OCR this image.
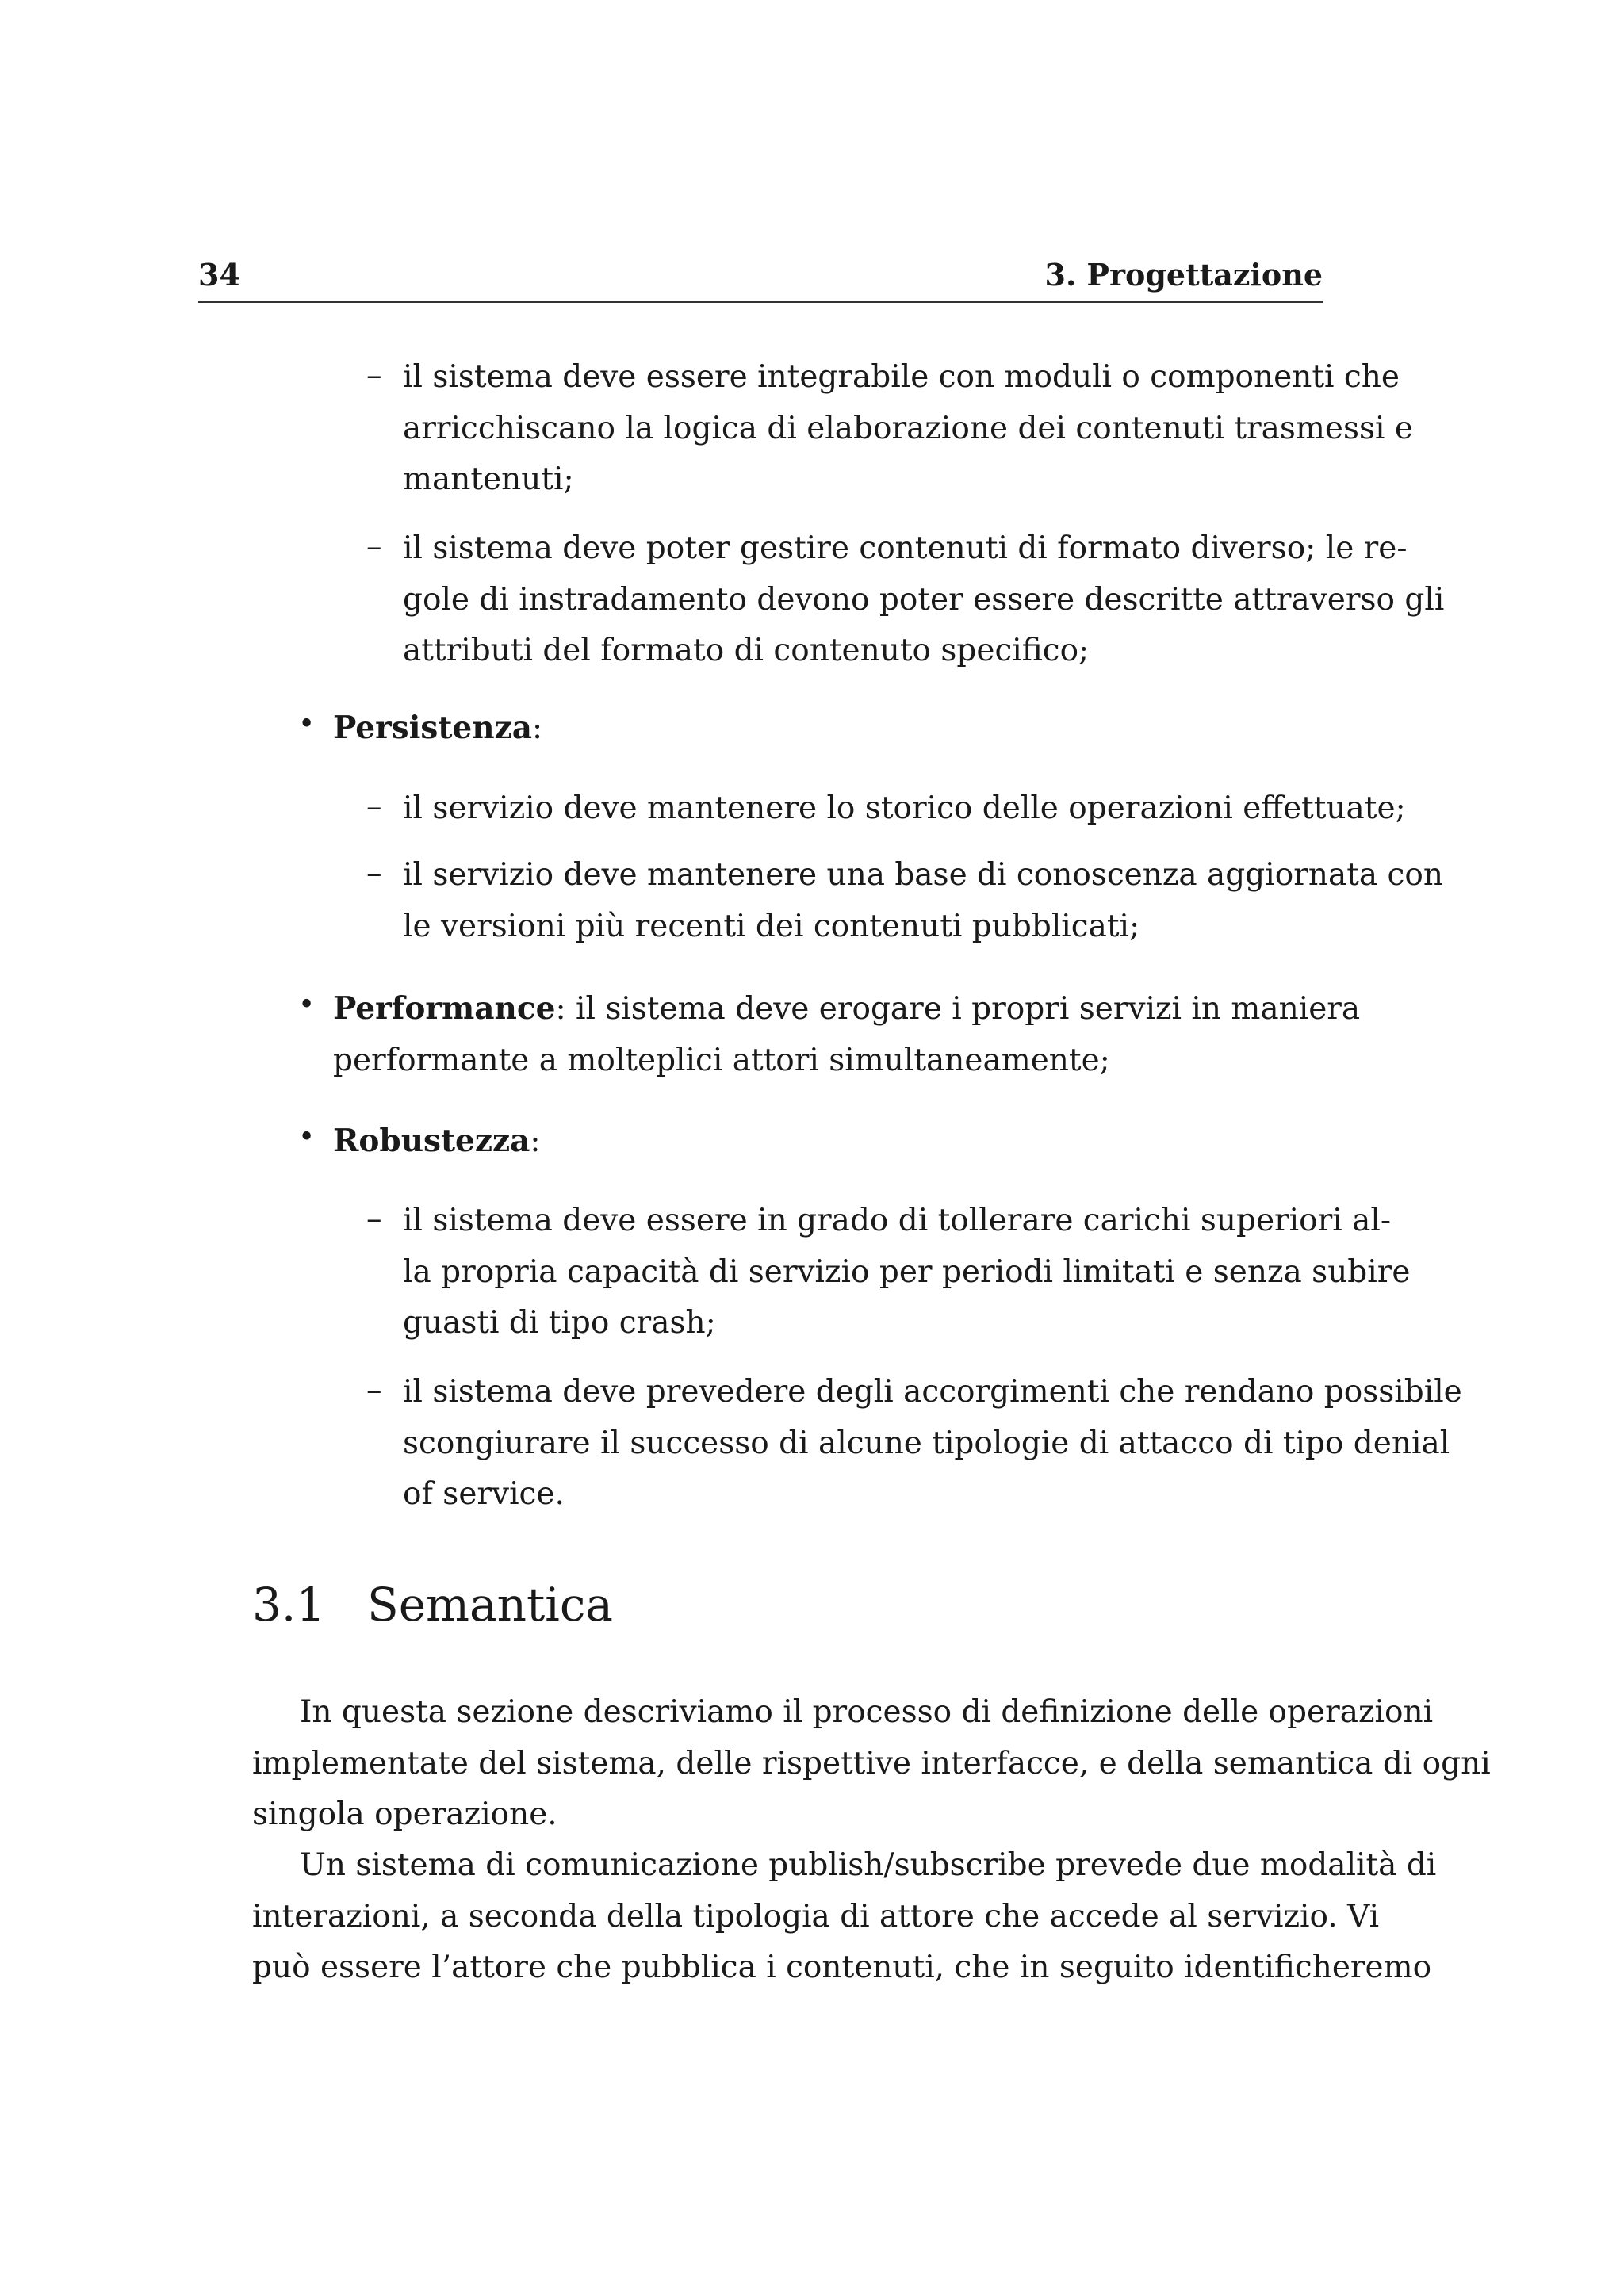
34	3. Progettazione
– il sistema deve essere integrabile con moduli o componenti che
arricchiscano la logica di elaborazione dei contenuti trasmessi e
mantenuti;
– il sistema deve poter gestire contenuti di formato diverso; le re-
gole di instradamento devono poter essere descritte attraverso gli
attributi del formato di contenuto specifico;
• Persistenza:
– il servizio deve mantenere lo storico delle operazioni effettuate;
– il servizio deve mantenere una base di conoscenza aggiornata con
le versioni più recenti dei contenuti pubblicati;
• Performance: il sistema deve erogare i propri servizi in maniera
performante a molteplici attori simultaneamente;
• Robustezza:
– il sistema deve essere in grado di tollerare carichi superiori al-
la propria capacità di servizio per periodi limitati e senza subire
guasti di tipo crash;
– il sistema deve prevedere degli accorgimenti che rendano possibile
scongiurare il successo di alcune tipologie di attacco di tipo denial
of service.
3.1 Semantica
In questa sezione descriviamo il processo di definizione delle operazioni
implementate del sistema, delle rispettive interfacce, e della semantica di ogni
singola operazione.
Un sistema di comunicazione publish/subscribe prevede due modalità di
interazioni, a seconda della tipologia di attore che accede al servizio. Vi
può essere l’attore che pubblica i contenuti, che in seguito identificheremo
